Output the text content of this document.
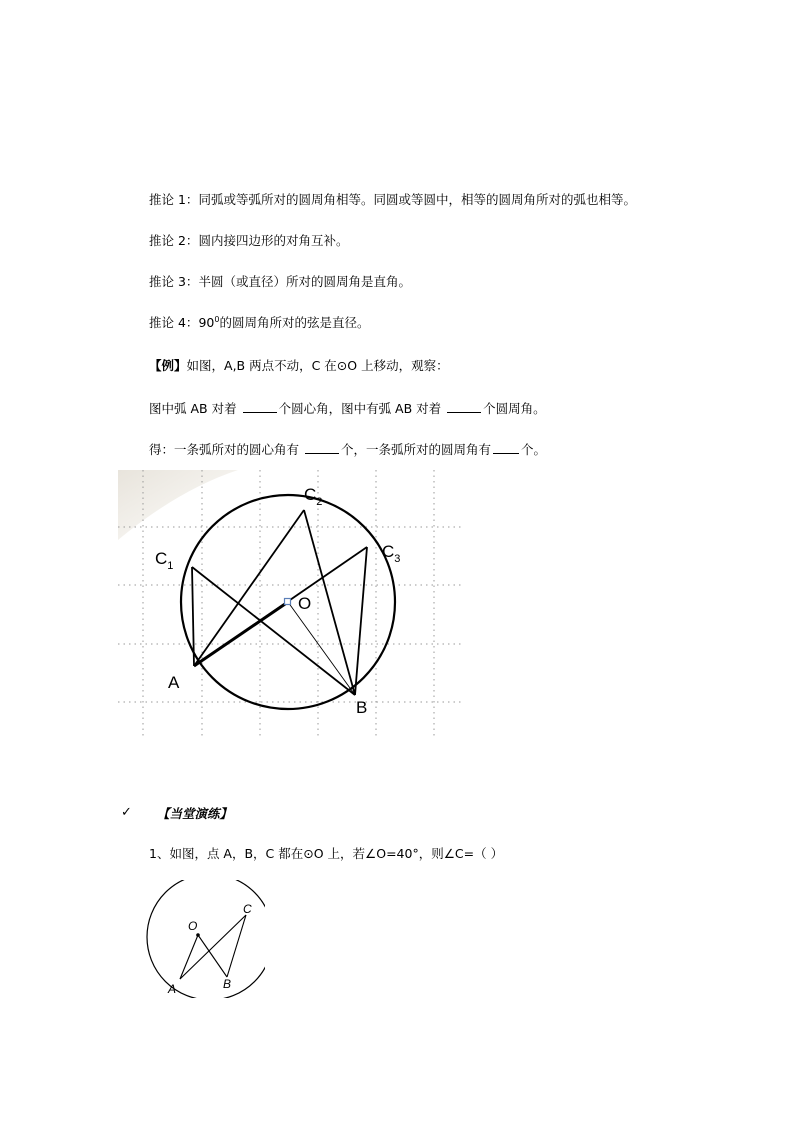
推论 1：同弧或等弧所对的圆周角相等。同圆或等圆中，相等的圆周角所对的弧也相等。
推论 2：圆内接四边形的对角互补。
推论 3：半圆（或直径）所对的圆周角是直角。
推论 4：$90^0$的圆周角所对的弦是直径。
【例】如图，A,B 两点不动，C 在⊙O 上移动，观察：
图中弧 AB 对着	个圆心角，图中有弧 AB 对着	个圆周角。
得：一条弧所对的圆心角有	个，一条弧所对的圆周角有 个。
$C_1$
$C_2$
$C_3$
O
A
B
✓ 【当堂演练】
1、如图，点 A，B，C 都在⊙O 上，若∠O=40°，则∠C=（ ）
O
C
A	B
